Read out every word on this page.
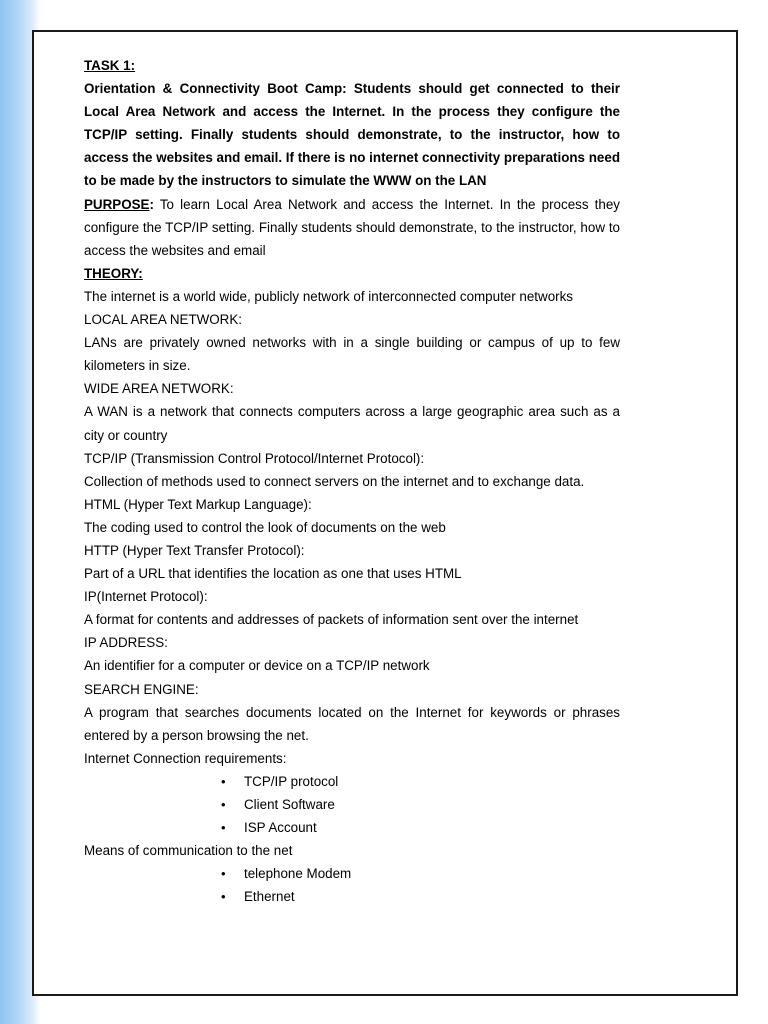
TASK 1:

Orientation & Connectivity Boot Camp: Students should get connected to their Local Area Network and access the Internet. In the process they configure the TCP/IP setting. Finally students should demonstrate, to the instructor, how to access the websites and email. If there is no internet connectivity preparations need to be made by the instructors to simulate the WWW on the LAN

PURPOSE: To learn Local Area Network and access the Internet. In the process they configure the TCP/IP setting. Finally students should demonstrate, to the instructor, how to access the websites and email

THEORY:

The internet is a world wide, publicly network of interconnected computer networks

LOCAL AREA NETWORK:

LANs are privately owned networks with in a single building or campus of up to few kilometers in size.

WIDE AREA NETWORK:

A WAN is a network that connects computers across a large geographic area such as a city or country

TCP/IP (Transmission Control Protocol/Internet Protocol):

Collection of methods used to connect servers on the internet and to exchange data.

HTML (Hyper Text Markup Language):

The coding used to control the look of documents on the web

HTTP (Hyper Text Transfer Protocol):

Part of a URL that identifies the location as one that uses HTML

IP(Internet Protocol):

A format for contents and addresses of packets of information sent over the internet

IP ADDRESS:

An identifier for a computer or device on a TCP/IP network

SEARCH ENGINE:

A program that searches documents located on the Internet for keywords or phrases entered by a person browsing the net.

Internet Connection requirements:

• TCP/IP protocol
• Client Software
• ISP Account

Means of communication to the net

• telephone Modem
• Ethernet
